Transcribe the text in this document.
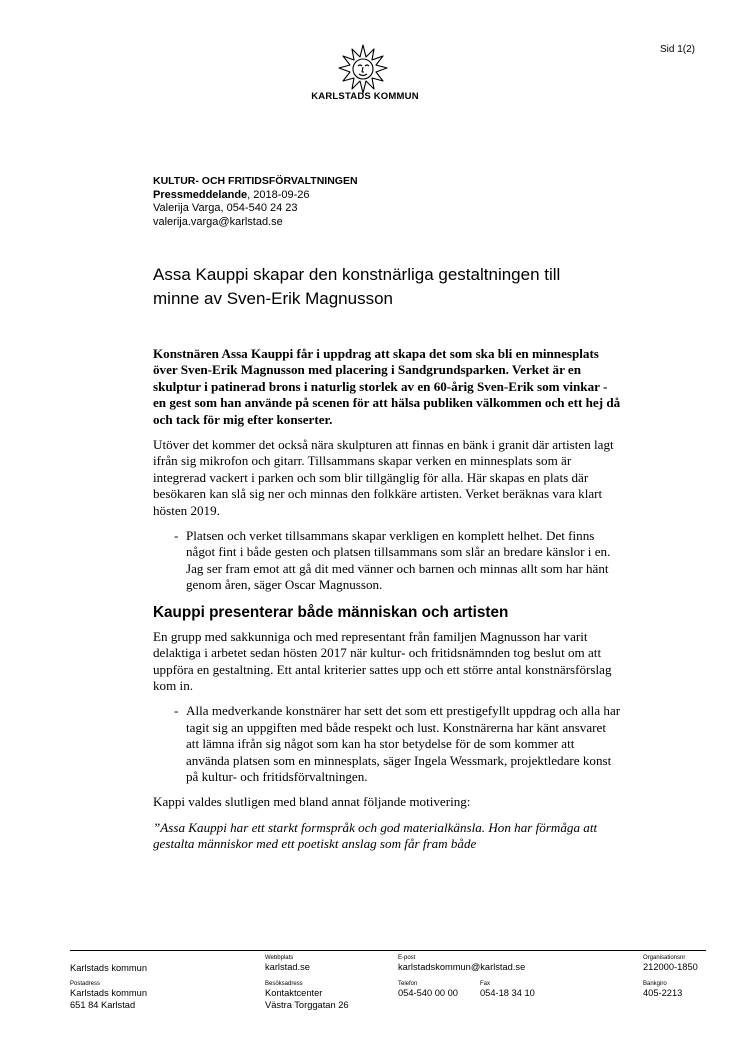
Sid 1(2)
KARLSTADS KOMMUN
KULTUR- OCH FRITIDSFÖRVALTNINGEN
Pressmeddelande, 2018-09-26
Valerija Varga, 054-540 24 23
valerija.varga@karlstad.se
Assa Kauppi skapar den konstnärliga gestaltningen till minne av Sven-Erik Magnusson

Konstnären Assa Kauppi får i uppdrag att skapa det som ska bli en minnesplats över Sven-Erik Magnusson med placering i Sandgrundsparken. Verket är en skulptur i patinerad brons i naturlig storlek av en 60-årig Sven-Erik som vinkar - en gest som han använde på scenen för att hälsa publiken välkommen och ett hej då och tack för mig efter konserter.

Utöver det kommer det också nära skulpturen att finnas en bänk i granit där artisten lagt ifrån sig mikrofon och gitarr. Tillsammans skapar verken en minnesplats som är integrerad vackert i parken och som blir tillgänglig för alla. Här skapas en plats där besökaren kan slå sig ner och minnas den folkkäre artisten. Verket beräknas vara klart hösten 2019.

- Platsen och verket tillsammans skapar verkligen en komplett helhet. Det finns något fint i både gesten och platsen tillsammans som slår an bredare känslor i en. Jag ser fram emot att gå dit med vänner och barnen och minnas allt som har hänt genom åren, säger Oscar Magnusson.
Kauppi presenterar både människan och artisten

En grupp med sakkunniga och med representant från familjen Magnusson har varit delaktiga i arbetet sedan hösten 2017 när kultur- och fritidsnämnden tog beslut om att uppföra en gestaltning. Ett antal kriterier sattes upp och ett större antal konstnärsförslag kom in.

- Alla medverkande konstnärer har sett det som ett prestigefyllt uppdrag och alla har tagit sig an uppgiften med både respekt och lust. Konstnärerna har känt ansvaret att lämna ifrån sig något som kan ha stor betydelse för de som kommer att använda platsen som en minnesplats, säger Ingela Wessmark, projektledare konst på kultur- och fritidsförvaltningen.

Kappi valdes slutligen med bland annat följande motivering:

”Assa Kauppi har ett starkt formspråk och god materialkänsla. Hon har förmåga att gestalta människor med ett poetiskt anslag som får fram både

Karlstads kommun
Webbplats
karlstad.se
E-post
karlstadskommun@karlstad.se
Organisationsnr
212000-1850
Postadress
Karlstads kommun
651 84 Karlstad
Besöksadress
Kontaktcenter
Västra Torggatan 26
Telefon
054-540 00 00
Fax
054-18 34 10
Bankgiro
405-2213
